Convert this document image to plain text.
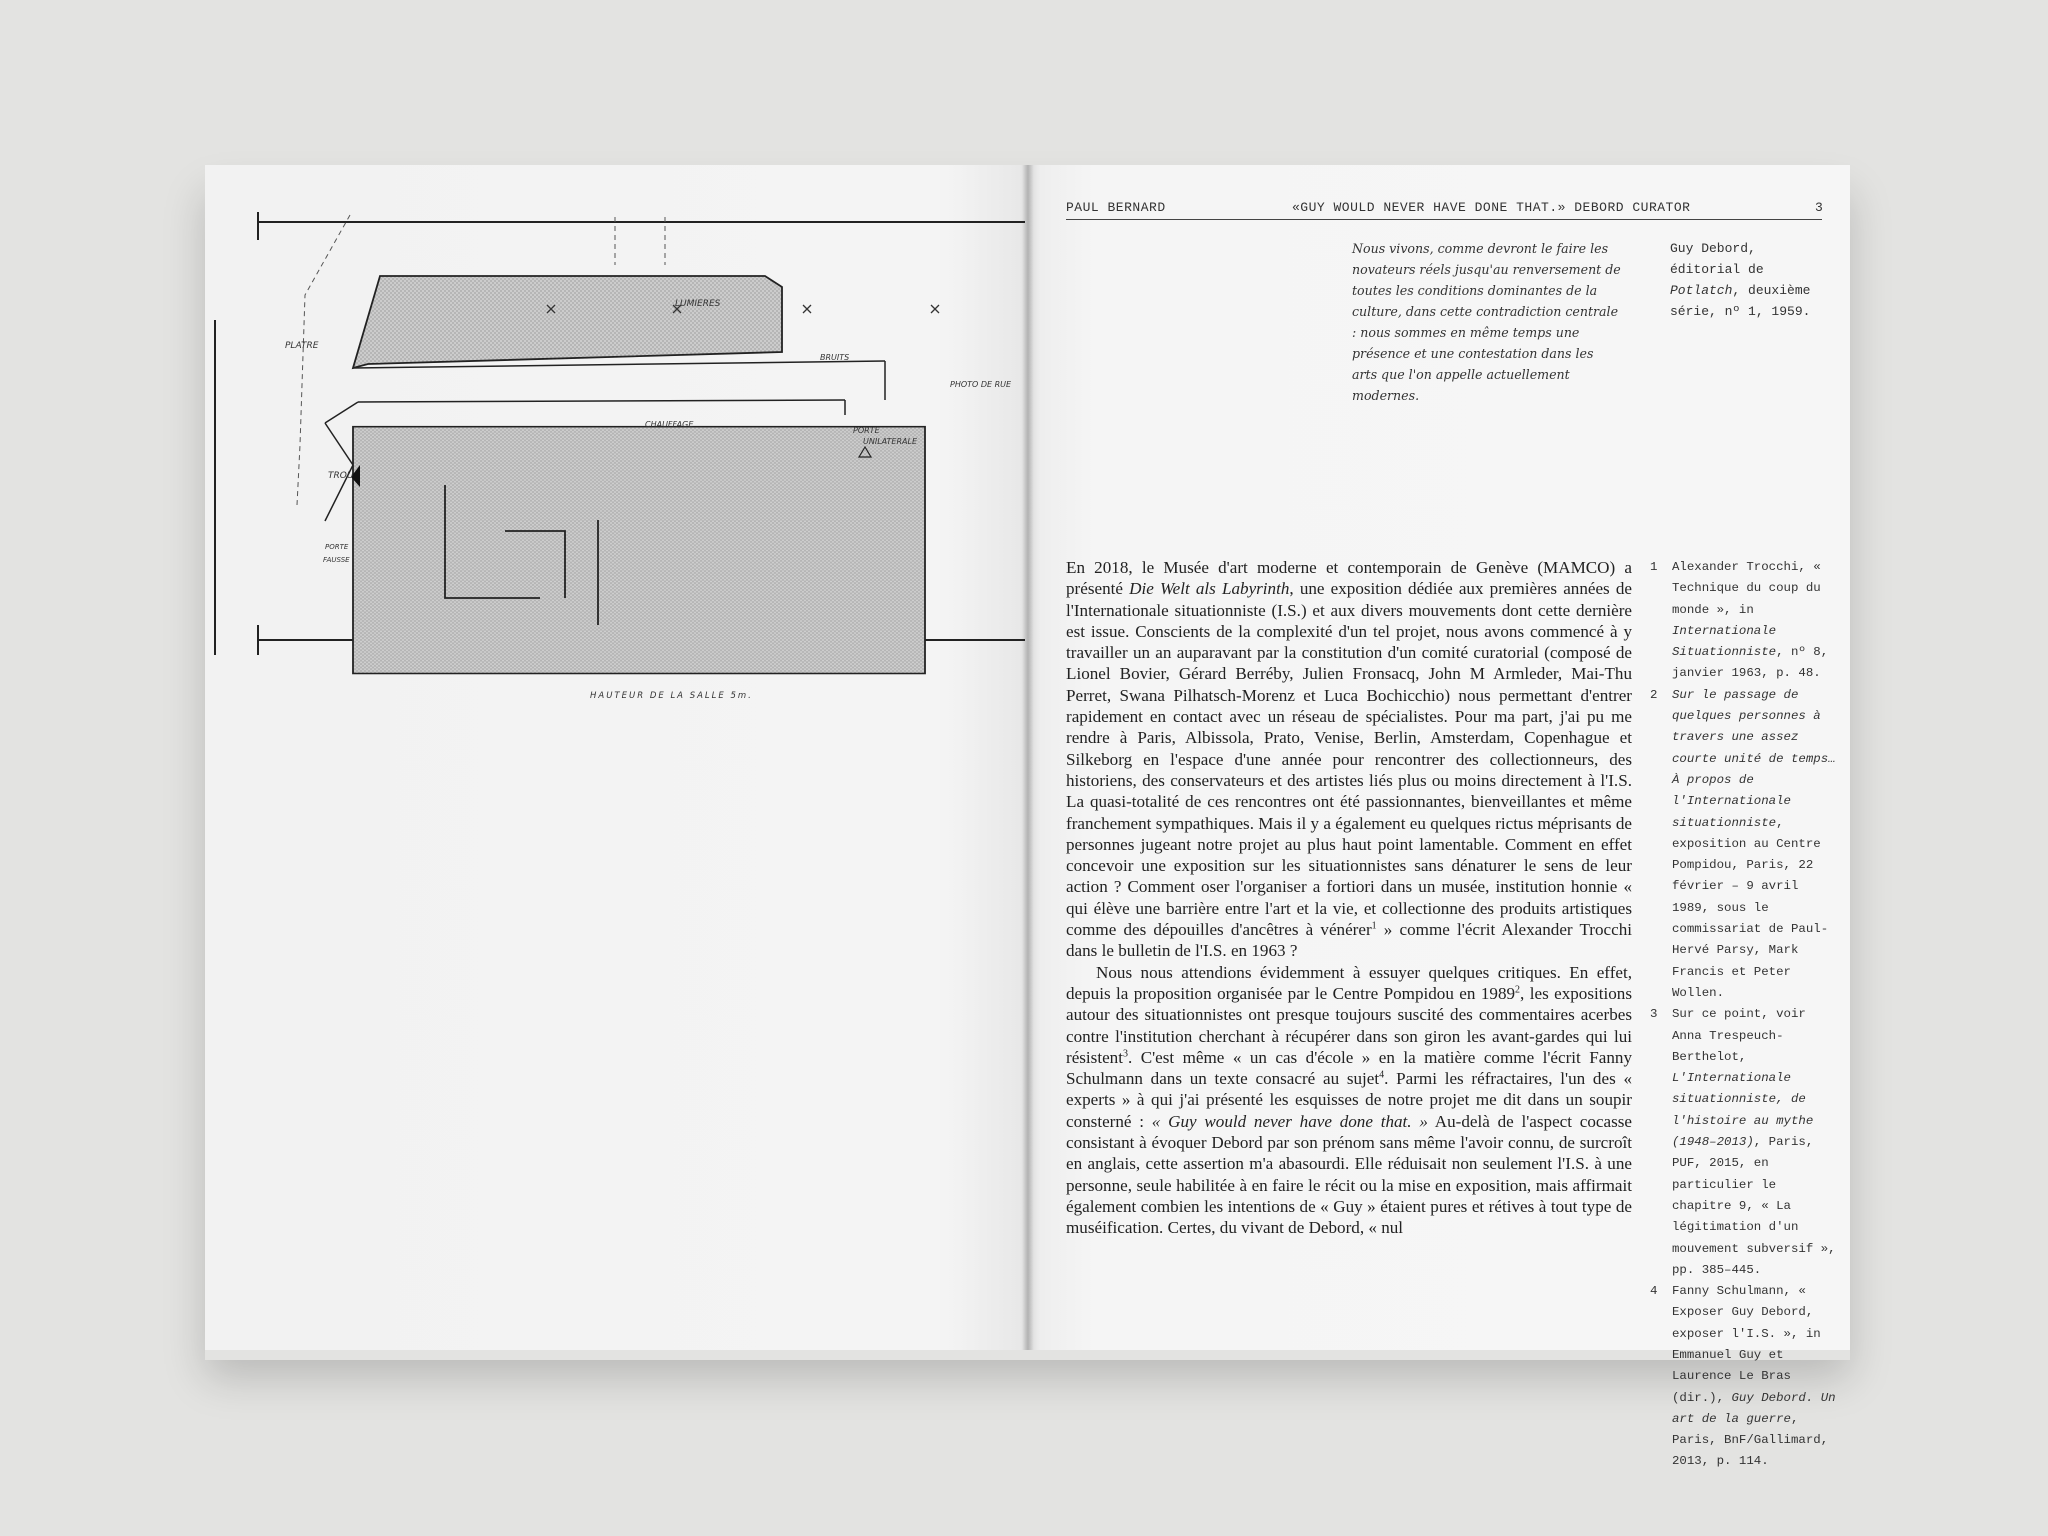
LUMIERES
PLATRE
BRUITS
PHOTO DE RUE
CHAUFFAGE
PORTE
UNILATERALE
TROU
PORTE
FAUSSE
HAUTEUR DE LA SALLE 5m.
PAUL BERNARD	«GUY WOULD NEVER HAVE DONE THAT.» DEBORD CURATOR	3
Nous vivons, comme devront le faire les novateurs réels jusqu'au renversement de toutes les conditions dominantes de la culture, dans cette contradiction centrale : nous sommes en même temps une présence et une contestation dans les arts que l'on appelle actuellement modernes.
Guy Debord, éditorial de Potlatch, deuxième série, nº 1, 1959.

En 2018, le Musée d'art moderne et contemporain de Genève (MAMCO) a présenté Die Welt als Labyrinth, une exposition dédiée aux premières années de l'Internationale situationniste (I.S.) et aux divers mouvements dont cette dernière est issue. Conscients de la complexité d'un tel projet, nous avons commencé à y travailler un an auparavant par la constitution d'un comité curatorial (composé de Lionel Bovier, Gérard Berréby, Julien Fronsacq, John M Armleder, Mai-Thu Perret, Swana Pilhatsch-Morenz et Luca Bochicchio) nous permettant d'entrer rapidement en contact avec un réseau de spécialistes. Pour ma part, j'ai pu me rendre à Paris, Albissola, Prato, Venise, Berlin, Amsterdam, Copenhague et Silkeborg en l'espace d'une année pour rencontrer des collectionneurs, des historiens, des conservateurs et des artistes liés plus ou moins directement à l'I.S. La quasi-totalité de ces rencontres ont été passionnantes, bienveillantes et même franchement sympathiques. Mais il y a également eu quelques rictus méprisants de personnes jugeant notre projet au plus haut point lamentable. Comment en effet concevoir une exposition sur les situationnistes sans dénaturer le sens de leur action ? Comment oser l'organiser a fortiori dans un musée, institution honnie « qui élève une barrière entre l'art et la vie, et collectionne des produits artistiques comme des dépouilles d'ancêtres à vénérer$^1$ » comme l'écrit Alexander Trocchi dans le bulletin de l'I.S. en 1963 ?

Nous nous attendions évidemment à essuyer quelques critiques. En effet, depuis la proposition organisée par le Centre Pompidou en 1989$^2$, les expositions autour des situationnistes ont presque toujours suscité des commentaires acerbes contre l'institution cherchant à récupérer dans son giron les avant-gardes qui lui résistent$^3$. C'est même « un cas d'école » en la matière comme l'écrit Fanny Schulmann dans un texte consacré au sujet$^4$. Parmi les réfractaires, l'un des « experts » à qui j'ai présenté les esquisses de notre projet me dit dans un soupir consterné : « Guy would never have done that. » Au-delà de l'aspect cocasse consistant à évoquer Debord par son prénom sans même l'avoir connu, de surcroît en anglais, cette assertion m'a abasourdi. Elle réduisait non seulement l'I.S. à une personne, seule habilitée à en faire le récit ou la mise en exposition, mais affirmait également combien les intentions de « Guy » étaient pures et rétives à tout type de muséification. Certes, du vivant de Debord, « nul

1 Alexander Trocchi, « Technique du coup du monde », in Internationale Situationniste, nº 8, janvier 1963, p. 48.
2 Sur le passage de quelques personnes à travers une assez courte unité de temps… À propos de l'Internationale situationniste, exposition au Centre Pompidou, Paris, 22 février – 9 avril 1989, sous le commissariat de Paul-Hervé Parsy, Mark Francis et Peter Wollen.
3 Sur ce point, voir Anna Trespeuch-Berthelot, L'Internationale situationniste, de l'histoire au mythe (1948–2013), Paris, PUF, 2015, en particulier le chapitre 9, « La légitimation d'un mouvement subversif », pp. 385–445.
4 Fanny Schulmann, « Exposer Guy Debord, exposer l'I.S. », in Emmanuel Guy et Laurence Le Bras (dir.), Guy Debord. Un art de la guerre, Paris, BnF/Gallimard, 2013, p. 114.
